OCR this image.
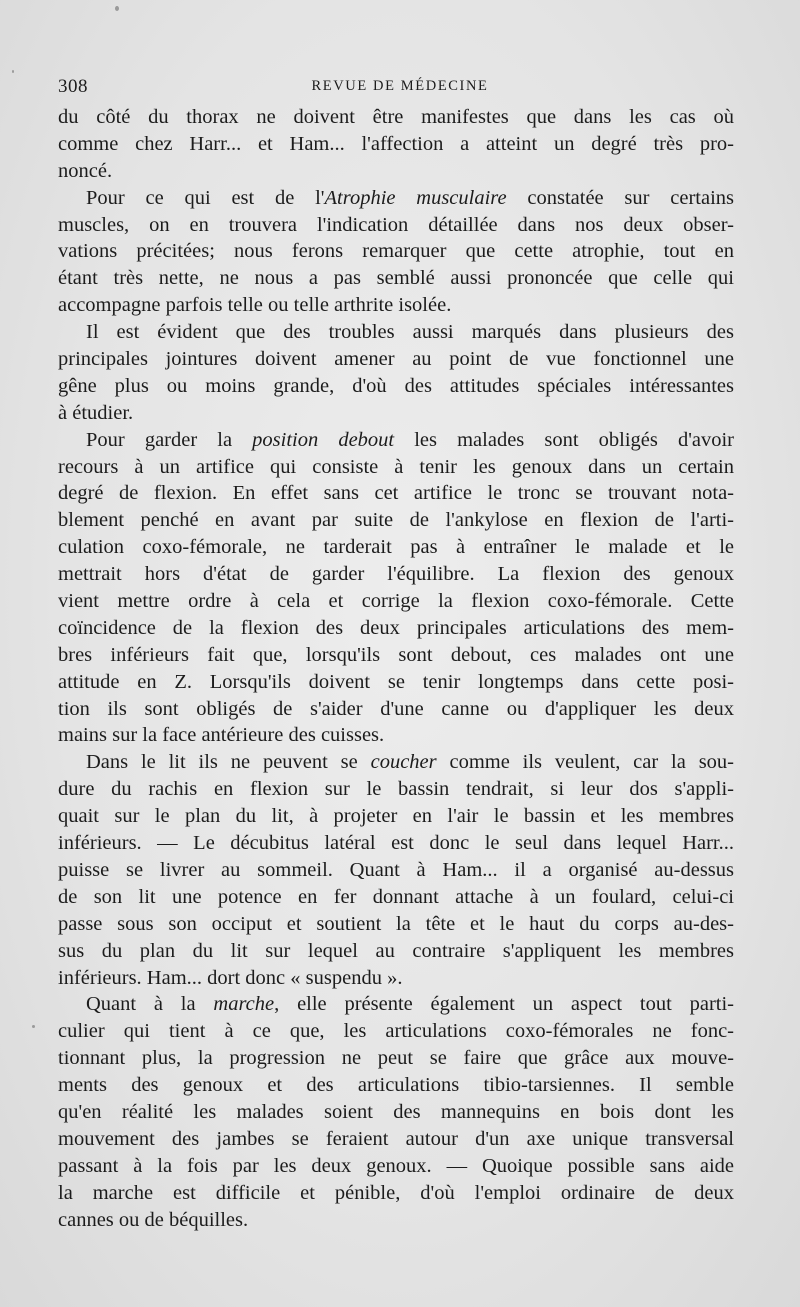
308	REVUE DE MÉDECINE
du côté du thorax ne doivent être manifestes que dans les cas où
comme chez Harr... et Ham... l'affection a atteint un degré très pro-
noncé.
Pour ce qui est de l'Atrophie musculaire constatée sur certains
muscles, on en trouvera l'indication détaillée dans nos deux obser-
vations précitées; nous ferons remarquer que cette atrophie, tout en
étant très nette, ne nous a pas semblé aussi prononcée que celle qui
accompagne parfois telle ou telle arthrite isolée.
Il est évident que des troubles aussi marqués dans plusieurs des
principales jointures doivent amener au point de vue fonctionnel une
gêne plus ou moins grande, d'où des attitudes spéciales intéressantes
à étudier.
Pour garder la position debout les malades sont obligés d'avoir
recours à un artifice qui consiste à tenir les genoux dans un certain
degré de flexion. En effet sans cet artifice le tronc se trouvant nota-
blement penché en avant par suite de l'ankylose en flexion de l'arti-
culation coxo-fémorale, ne tarderait pas à entraîner le malade et le
mettrait hors d'état de garder l'équilibre. La flexion des genoux
vient mettre ordre à cela et corrige la flexion coxo-fémorale. Cette
coïncidence de la flexion des deux principales articulations des mem-
bres inférieurs fait que, lorsqu'ils sont debout, ces malades ont une
attitude en Z. Lorsqu'ils doivent se tenir longtemps dans cette posi-
tion ils sont obligés de s'aider d'une canne ou d'appliquer les deux
mains sur la face antérieure des cuisses.
Dans le lit ils ne peuvent se coucher comme ils veulent, car la sou-
dure du rachis en flexion sur le bassin tendrait, si leur dos s'appli-
quait sur le plan du lit, à projeter en l'air le bassin et les membres
inférieurs. — Le décubitus latéral est donc le seul dans lequel Harr...
puisse se livrer au sommeil. Quant à Ham... il a organisé au-dessus
de son lit une potence en fer donnant attache à un foulard, celui-ci
passe sous son occiput et soutient la tête et le haut du corps au-des-
sus du plan du lit sur lequel au contraire s'appliquent les membres
inférieurs. Ham... dort donc « suspendu ».
Quant à la marche, elle présente également un aspect tout parti-
culier qui tient à ce que, les articulations coxo-fémorales ne fonc-
tionnant plus, la progression ne peut se faire que grâce aux mouve-
ments des genoux et des articulations tibio-tarsiennes. Il semble
qu'en réalité les malades soient des mannequins en bois dont les
mouvement des jambes se feraient autour d'un axe unique transversal
passant à la fois par les deux genoux. — Quoique possible sans aide
la marche est difficile et pénible, d'où l'emploi ordinaire de deux
cannes ou de béquilles.
